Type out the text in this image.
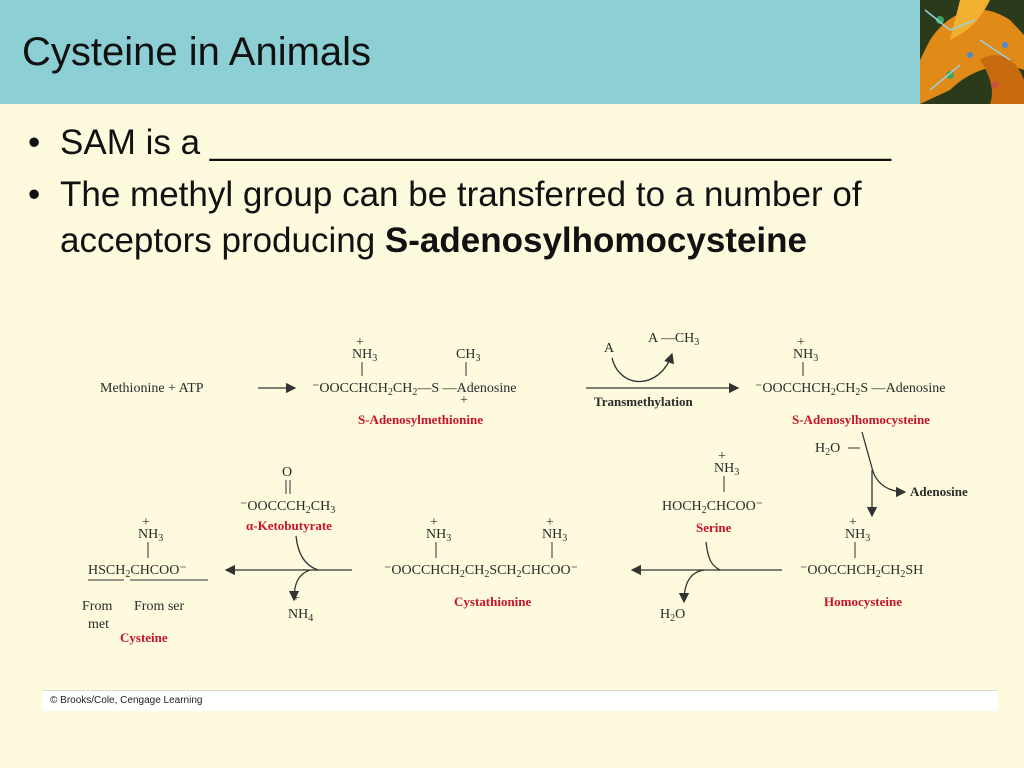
Cysteine in Animals
• SAM is a ___________________________________
• The methyl group can be transferred to a number of acceptors producing S-adenosylhomocysteine
Methionine + ATP
+
$NH_3$	$CH_3$
$^-OOCCHCH_2CH_2—S$ —Adenosine
+
S-Adenosylmethionine
A
A $—CH_3$
Transmethylation
+
$NH_3$
$^-OOCCHCH_2CH_2S$ —Adenosine
S-Adenosylhomocysteine
$H_2O$
Adenosine
+
$NH_3$
$^-OOCCHCH_2CH_2SH$
Homocysteine
+
$NH_3$
$HOCH_2CHCOO^-$
Serine
$H_2O$
+
$NH_3$
+
$NH_3$
$^-OOCCHCH_2CH_2SCH_2CHCOO^-$
Cystathionine
O
$^-OOCCCH_2CH_3$
α-Ketobutyrate
+
$NH_4$
+
$NH_3$
$HSCH_2CHCOO^-$
From
met
From ser
Cysteine
© Brooks/Cole, Cengage Learning
